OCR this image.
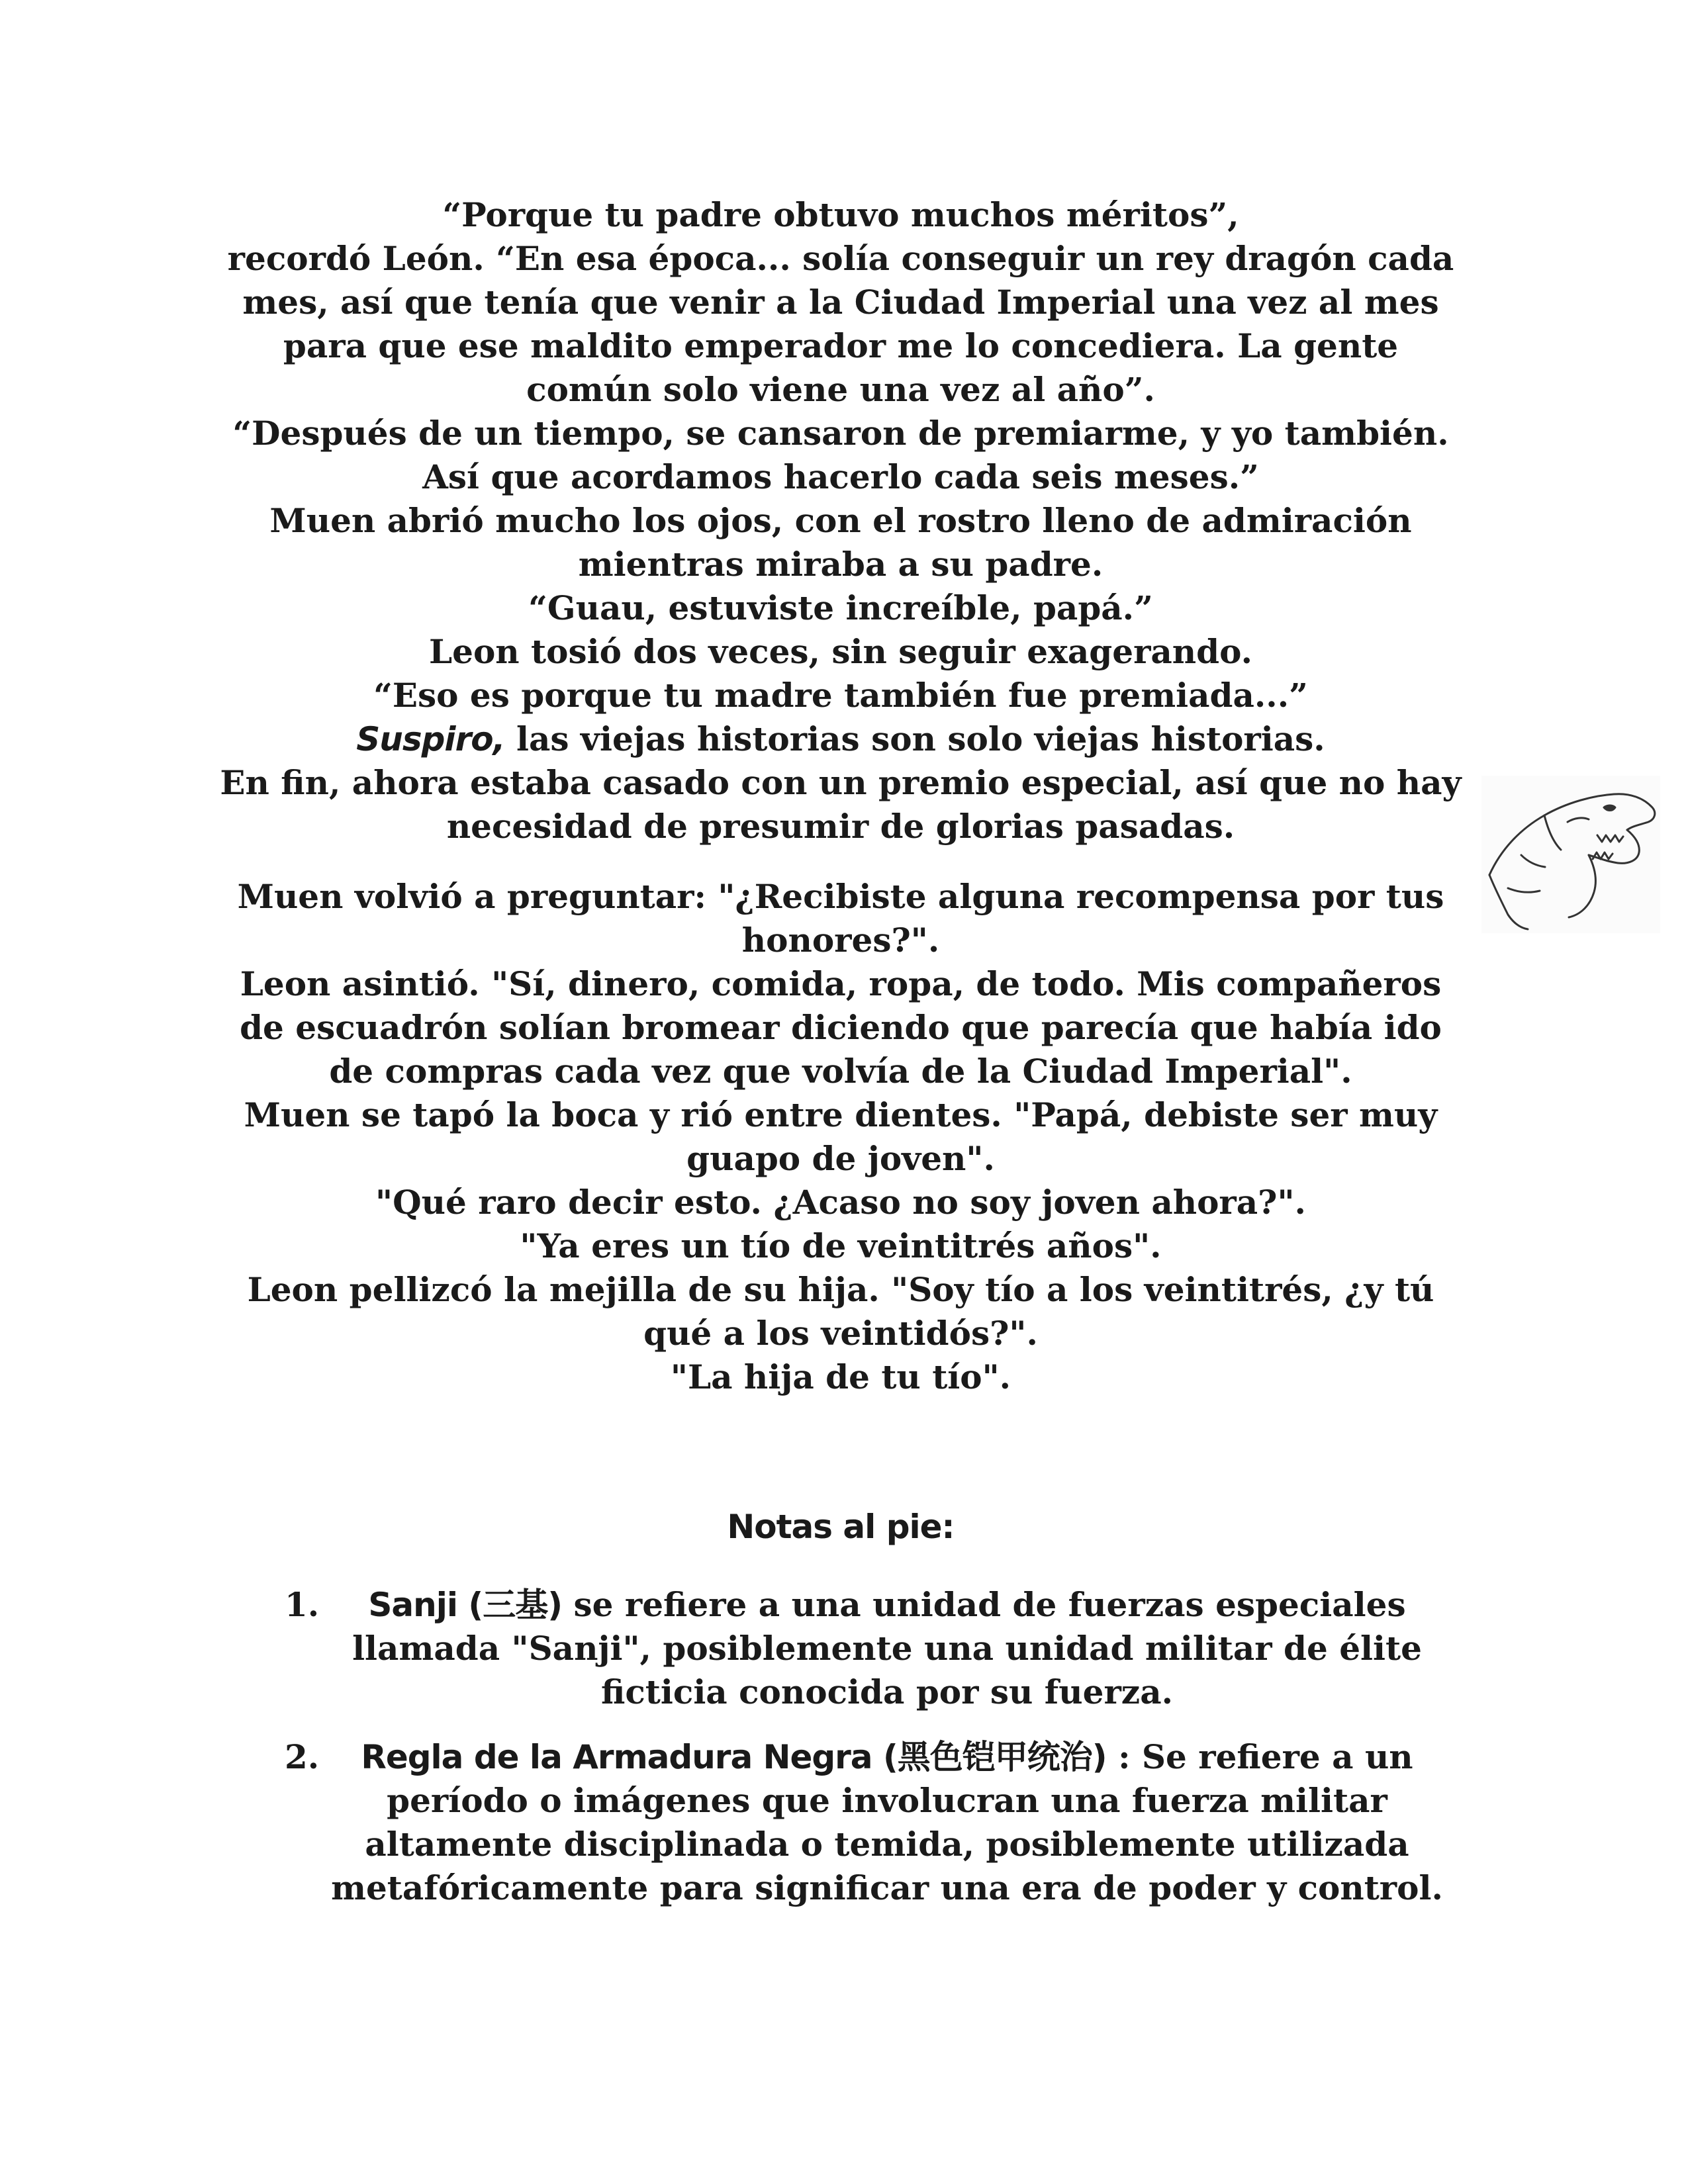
“Porque tu padre obtuvo muchos méritos”,

recordó León. “En esa época... solía conseguir un rey dragón cada mes, así que tenía que venir a la Ciudad Imperial una vez al mes para que ese maldito emperador me lo concediera. La gente común solo viene una vez al año”.

“Después de un tiempo, se cansaron de premiarme, y yo también. Así que acordamos hacerlo cada seis meses.”

Muen abrió mucho los ojos, con el rostro lleno de admiración mientras miraba a su padre.

“Guau, estuviste increíble, papá.”

Leon tosió dos veces, sin seguir exagerando.

“Eso es porque tu madre también fue premiada...”

Suspiro, las viejas historias son solo viejas historias.

En fin, ahora estaba casado con un premio especial, así que no hay necesidad de presumir de glorias pasadas.

Muen volvió a preguntar: "¿Recibiste alguna recompensa por tus honores?".

Leon asintió. "Sí, dinero, comida, ropa, de todo. Mis compañeros de escuadrón solían bromear diciendo que parecía que había ido de compras cada vez que volvía de la Ciudad Imperial".

Muen se tapó la boca y rió entre dientes. "Papá, debiste ser muy guapo de joven".

"Qué raro decir esto. ¿Acaso no soy joven ahora?".

"Ya eres un tío de veintitrés años".

Leon pellizcó la mejilla de su hija. "Soy tío a los veintitrés, ¿y tú qué a los veintidós?".

"La hija de tu tío".

Notas al pie:
1.	Sanji (三基) se refiere a una unidad de fuerzas especiales llamada "Sanji", posiblemente una unidad militar de élite ficticia conocida por su fuerza.
2.	Regla de la Armadura Negra (黑色铠甲统治) : Se refiere a un período o imágenes que involucran una fuerza militar altamente disciplinada o temida, posiblemente utilizada metafóricamente para significar una era de poder y control.
